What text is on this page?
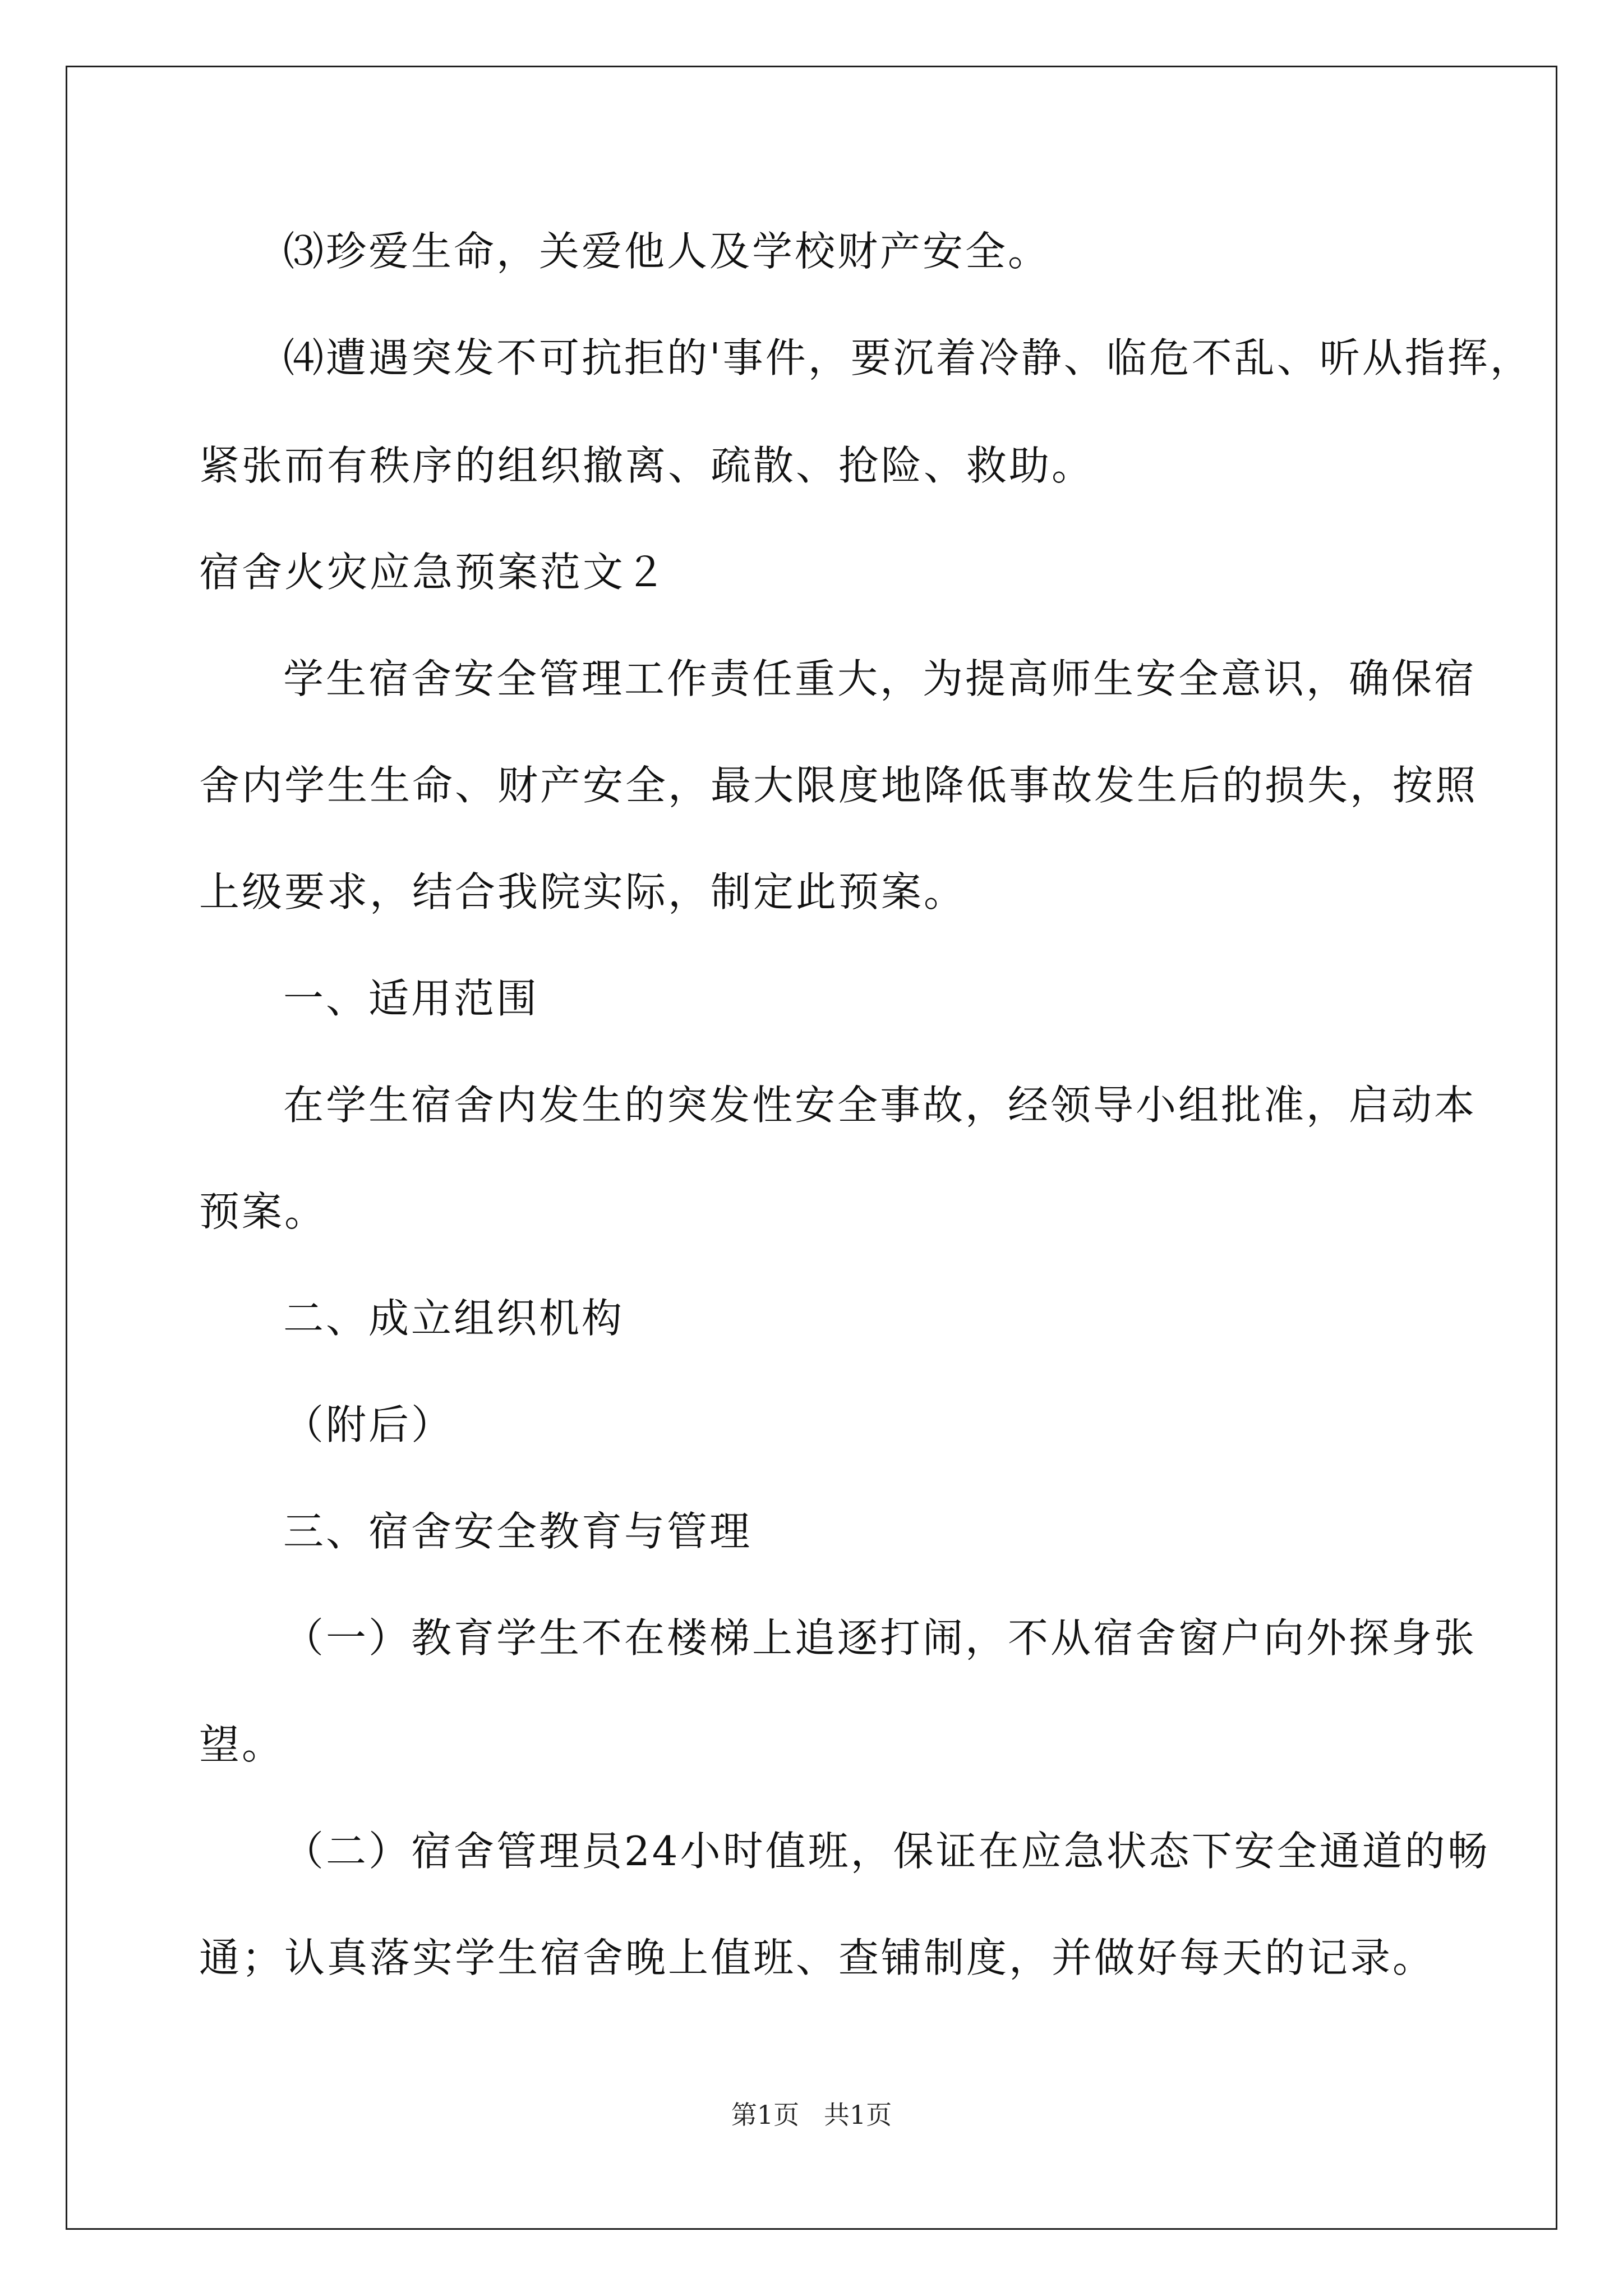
⑶珍爱生命，关爱他人及学校财产安全。
⑷遭遇突发不可抗拒的'事件，要沉着冷静、临危不乱、听从指挥，
紧张而有秩序的组织撤离、疏散、抢险、救助。
宿舍火灾应急预案范文２
学生宿舍安全管理工作责任重大，为提高师生安全意识，确保宿
舍内学生生命、财产安全，最大限度地降低事故发生后的损失，按照
上级要求，结合我院实际，制定此预案。
一、适用范围
在学生宿舍内发生的突发性安全事故，经领导小组批准，启动本
预案。
二、成立组织机构
（附后）
三、宿舍安全教育与管理
（一）教育学生不在楼梯上追逐打闹，不从宿舍窗户向外探身张
望。
（二）宿舍管理员24小时值班，保证在应急状态下安全通道的畅
通；认真落实学生宿舍晚上值班、查铺制度，并做好每天的记录。
第1页   共1页
